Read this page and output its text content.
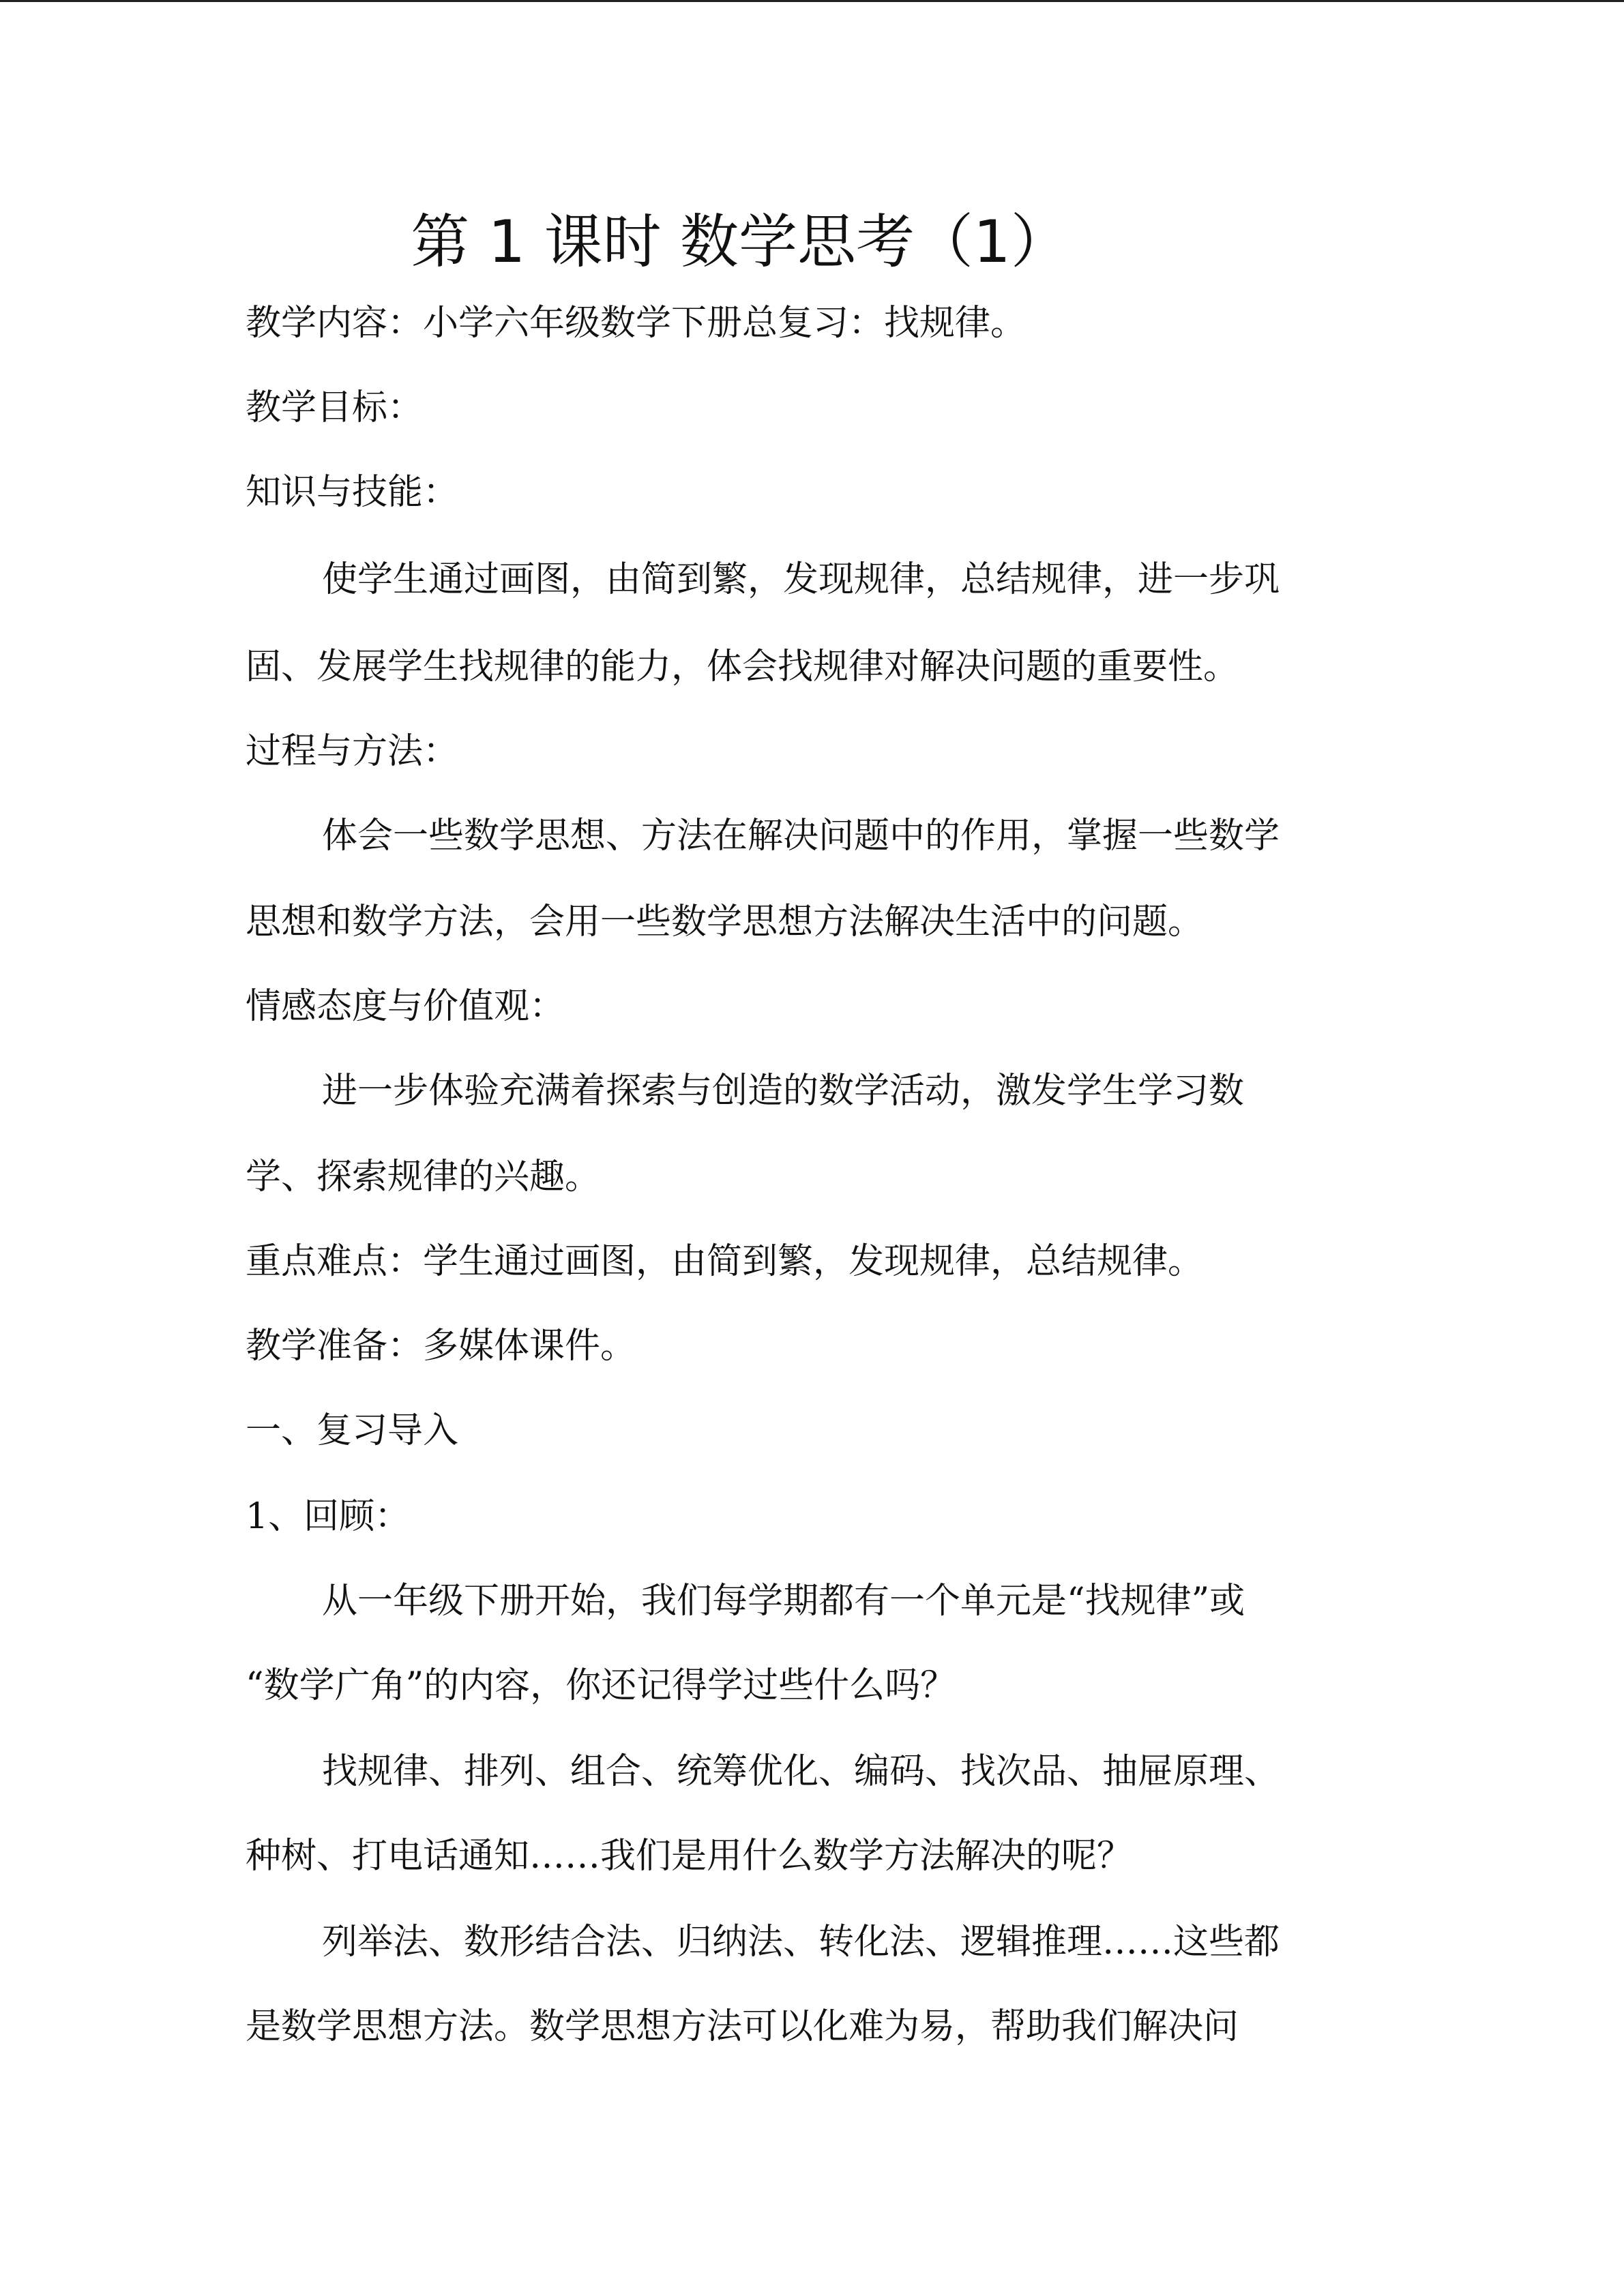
第 1 课时 数学思考（1）

教学内容：小学六年级数学下册总复习：找规律。

教学目标：

知识与技能：

使学生通过画图，由简到繁，发现规律，总结规律，进一步巩

固、发展学生找规律的能力，体会找规律对解决问题的重要性。

过程与方法：

体会一些数学思想、方法在解决问题中的作用，掌握一些数学

思想和数学方法，会用一些数学思想方法解决生活中的问题。

情感态度与价值观：

进一步体验充满着探索与创造的数学活动，激发学生学习数

学、探索规律的兴趣。

重点难点：学生通过画图，由简到繁，发现规律，总结规律。

教学准备：多媒体课件。

一、复习导入

1、回顾：

从一年级下册开始，我们每学期都有一个单元是“找规律”或

“数学广角”的内容，你还记得学过些什么吗？

找规律、排列、组合、统筹优化、编码、找次品、抽屉原理、

种树、打电话通知……我们是用什么数学方法解决的呢？

列举法、数形结合法、归纳法、转化法、逻辑推理……这些都

是数学思想方法。数学思想方法可以化难为易，帮助我们解决问
